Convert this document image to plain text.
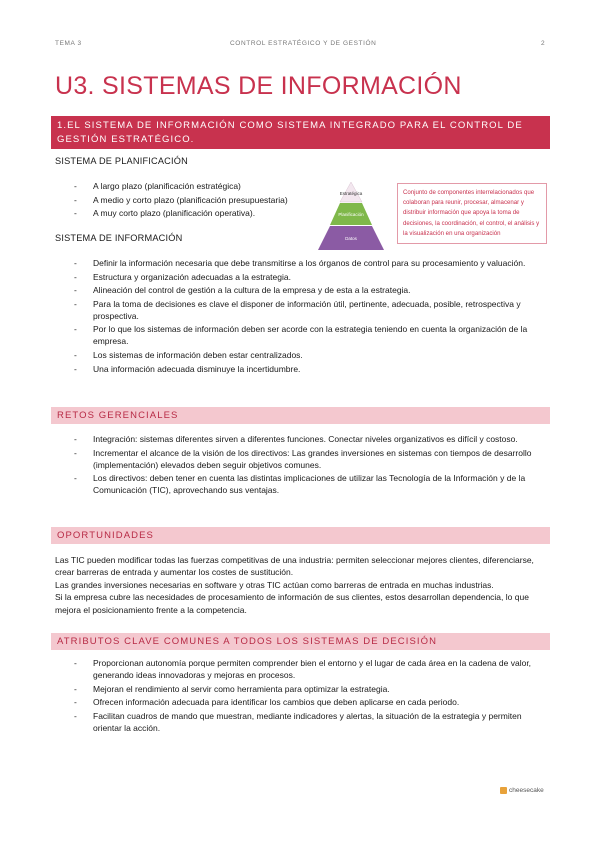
TEMA 3	CONTROL ESTRATÉGICO Y DE GESTIÓN	2
U3. SISTEMAS DE INFORMACIÓN
1.EL SISTEMA DE INFORMACIÓN COMO SISTEMA INTEGRADO PARA EL CONTROL DE GESTIÓN ESTRATÉGICO.
SISTEMA DE PLANIFICACIÓN
- A largo plazo (planificación estratégica)
- A medio y corto plazo (planificación presupuestaria)
- A muy corto plazo (planificación operativa).
Estratégica
Planificación
Datos
Conjunto de componentes interrelacionados que colaboran para reunir, procesar, almacenar y distribuir información que apoya la toma de decisiones, la coordinación, el control, el análisis y la visualización en una organización
SISTEMA DE INFORMACIÓN
- Definir la información necesaria que debe transmitirse a los órganos de control para su procesamiento y valuación.
- Estructura y organización adecuadas a la estrategia.
- Alineación del control de gestión a la cultura de la empresa y de esta a la estrategia.
- Para la toma de decisiones es clave el disponer de información útil, pertinente, adecuada, posible, retrospectiva y prospectiva.
- Por lo que los sistemas de información deben ser acorde con la estrategia teniendo en cuenta la organización de la empresa.
- Los sistemas de información deben estar centralizados.
- Una información adecuada disminuye la incertidumbre.
RETOS GERENCIALES
- Integración: sistemas diferentes sirven a diferentes funciones. Conectar niveles organizativos es difícil y costoso.
- Incrementar el alcance de la visión de los directivos: Las grandes inversiones en sistemas con tiempos de desarrollo (implementación) elevados deben seguir objetivos comunes.
- Los directivos: deben tener en cuenta las distintas implicaciones de utilizar las Tecnología de la Información y de la Comunicación (TIC), aprovechando sus ventajas.
OPORTUNIDADES

Las TIC pueden modificar todas las fuerzas competitivas de una industria: permiten seleccionar mejores clientes, diferenciarse, crear barreras de entrada y aumentar los costes de sustitución.

Las grandes inversiones necesarias en software y otras TIC actúan como barreras de entrada en muchas industrias.

Si la empresa cubre las necesidades de procesamiento de información de sus clientes, estos desarrollan dependencia, lo que mejora el posicionamiento frente a la competencia.

ATRIBUTOS CLAVE COMUNES A TODOS LOS SISTEMAS DE DECISIÓN
- Proporcionan autonomía porque permiten comprender bien el entorno y el lugar de cada área en la cadena de valor, generando ideas innovadoras y mejoras en procesos.
- Mejoran el rendimiento al servir como herramienta para optimizar la estrategia.
- Ofrecen información adecuada para identificar los cambios que deben aplicarse en cada periodo.
- Facilitan cuadros de mando que muestran, mediante indicadores y alertas, la situación de la estrategia y permiten orientar la acción.
cheesecake
